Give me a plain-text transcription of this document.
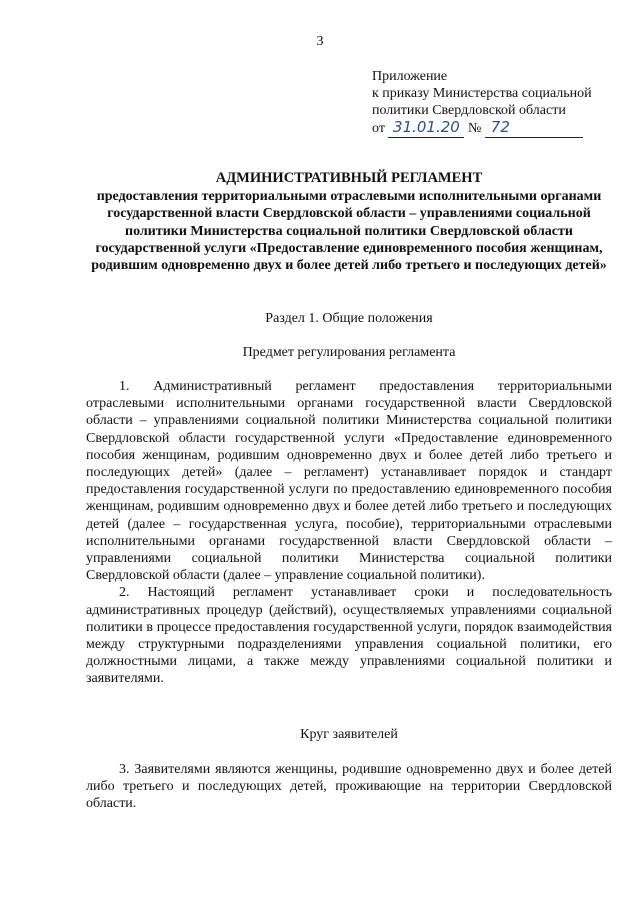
3
Приложение
к приказу Министерства социальной
политики Свердловской области
от 31.01.20 № 72
АДМИНИСТРАТИВНЫЙ РЕГЛАМЕНТ
предоставления территориальными отраслевыми исполнительными органами государственной власти Свердловской области – управлениями социальной политики Министерства социальной политики Свердловской области государственной услуги «Предоставление единовременного пособия женщинам, родившим одновременно двух и более детей либо третьего и последующих детей»
Раздел 1. Общие положения
Предмет регулирования регламента

1. Административный регламент предоставления территориальными отраслевыми исполнительными органами государственной власти Свердловской области – управлениями социальной политики Министерства социальной политики Свердловской области государственной услуги «Предоставление единовременного пособия женщинам, родившим одновременно двух и более детей либо третьего и последующих детей» (далее – регламент) устанавливает порядок и стандарт предоставления государственной услуги по предоставлению единовременного пособия женщинам, родившим одновременно двух и более детей либо третьего и последующих детей (далее – государственная услуга, пособие), территориальными отраслевыми исполнительными органами государственной власти Свердловской области – управлениями социальной политики Министерства социальной политики Свердловской области (далее – управление социальной политики).

2. Настоящий регламент устанавливает сроки и последовательность административных процедур (действий), осуществляемых управлениями социальной политики в процессе предоставления государственной услуги, порядок взаимодействия между структурными подразделениями управления социальной политики, его должностными лицами, а также между управлениями социальной политики и заявителями.

Круг заявителей

3. Заявителями являются женщины, родившие одновременно двух и более детей либо третьего и последующих детей, проживающие на территории Свердловской области.
